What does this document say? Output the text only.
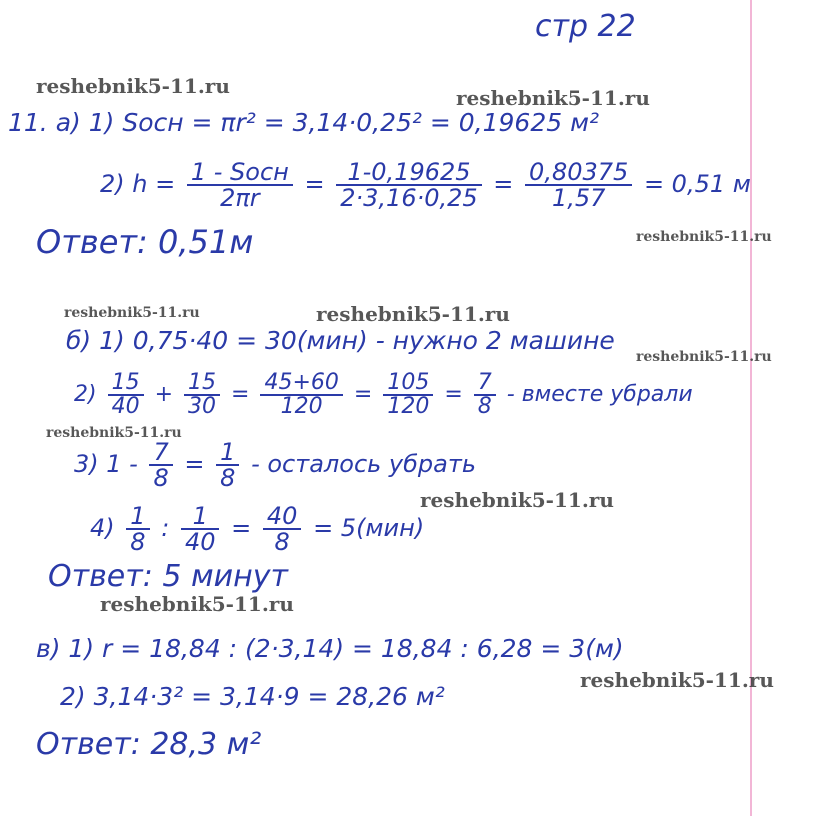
стр 22
reshebnik5-11.ru	reshebnik5-11.ru
reshebnik5-11.ru
reshebnik5-11.ru	reshebnik5-11.ru
reshebnik5-11.ru
reshebnik5-11.ru
reshebnik5-11.ru
reshebnik5-11.ru
reshebnik5-11.ru
11. а) 1) Sосн = πr² = 3,14·0,25² = 0,19625 м²
2) $h = \frac{\text{1 - Sосн}}{2\pi r} = \frac{1-0,19625}{2\cdot 3,16\cdot 0,25} = \frac{0,80375}{1,57} = 0,51$ м
Ответ: 0,51м
б) 1) 0,75·40 = 30(мин) - нужно 2 машине
$2) \frac{15}{40} + \frac{15}{30} = \frac{45+60}{120} = \frac{105}{120} = \frac{7}{8}$ - вместе убрали
3) $1 - \frac{7}{8} = \frac{1}{8}$ - осталось убрать
$4) \frac{1}{8}$ : $\frac{1}{40} = \frac{40}{8} = 5(мин)$
Ответ: 5 минут
в) 1) r = 18,84 : (2·3,14) = 18,84 : 6,28 = 3(м)
2) 3,14·3² = 3,14·9 = 28,26 м²
Ответ: 28,3 м²
